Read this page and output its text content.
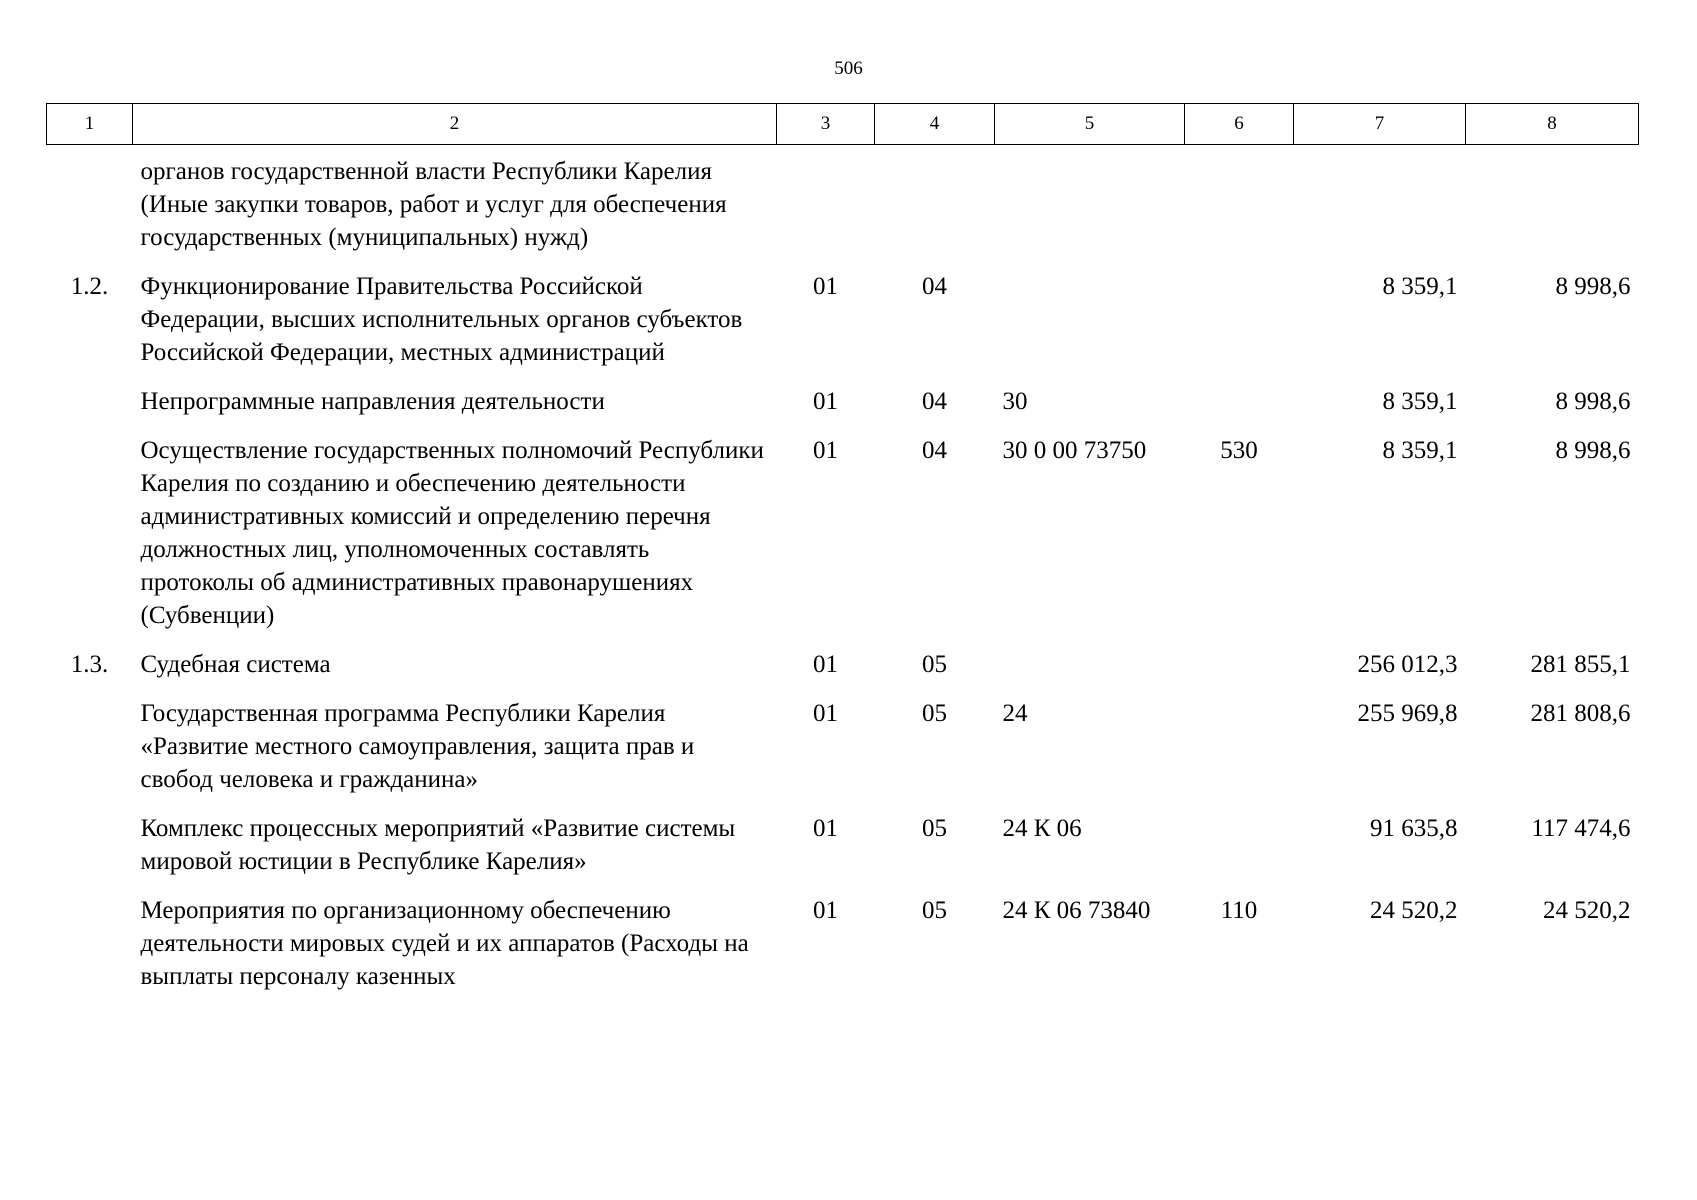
506
1	2	3	4	5	6	7	8
	органов государственной власти Республики Карелия (Иные закупки товаров, работ и услуг для обеспечения государственных (муниципальных) нужд)						
1.2.	Функционирование Правительства Российской Федерации, высших исполнительных органов субъектов Российской Федерации, местных администраций	01	04			8 359,1	8 998,6
	Непрограммные направления деятельности	01	04	30		8 359,1	8 998,6
	Осуществление государственных полномочий Республики Карелия по созданию и обеспечению деятельности административных комиссий и определению перечня должностных лиц, уполномоченных составлять протоколы об административных правонарушениях (Субвенции)	01	04	30 0 00 73750	530	8 359,1	8 998,6
1.3.	Судебная система	01	05			256 012,3	281 855,1
	Государственная программа Республики Карелия «Развитие местного самоуправления, защита прав и свобод человека и гражданина»	01	05	24		255 969,8	281 808,6
	Комплекс процессных мероприятий «Развитие системы мировой юстиции в Республике Карелия»	01	05	24 К 06		91 635,8	117 474,6
	Мероприятия по организационному обеспечению деятельности мировых судей и их аппаратов (Расходы на выплаты персоналу казенных	01	05	24 К 06 73840	110	24 520,2	24 520,2
